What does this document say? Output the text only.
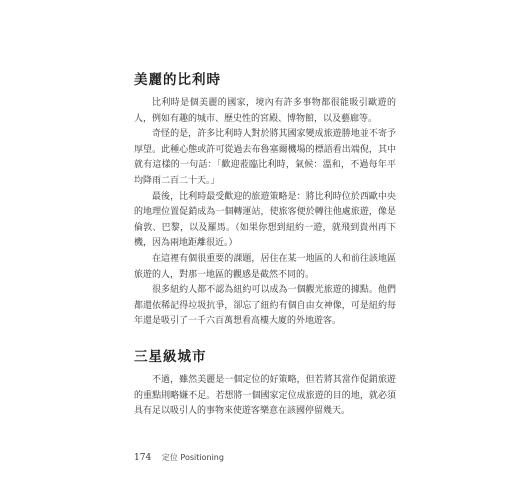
美麗的比利時

比利時是個美麗的國家，境內有許多事物都很能吸引歐遊的人，例如有趣的城市、歷史性的宮殿、博物館，以及藝廊等。

奇怪的是，許多比利時人對於將其國家變成旅遊勝地並不寄予厚望。此種心態或許可從過去布魯塞爾機場的標語看出端倪，其中就有這樣的一句話：「歡迎蒞臨比利時，氣候：溫和，不過每年平均降雨二百二十天。」

最後，比利時最受歡迎的旅遊策略是：將比利時位於西歐中央的地理位置促銷成為一個轉運站，使旅客便於轉往他處旅遊，像是倫敦、巴黎，以及羅馬。（如果你想到紐約一遊，就飛到貴州再下機，因為兩地距離很近。）

在這裡有個很重要的課題，居住在某一地區的人和前往該地區旅遊的人，對那一地區的觀感是截然不同的。

很多紐約人都不認為紐約可以成為一個觀光旅遊的據點。他們都還依稀記得垃圾抗爭，卻忘了紐約有個自由女神像，可是紐約每年還是吸引了一千六百萬想看高樓大廈的外地遊客。

三星級城市

不過，雖然美麗是一個定位的好策略，但若將其當作促銷旅遊的重點則略嫌不足。若想將一個國家定位成旅遊的目的地，就必須具有足以吸引人的事物來使遊客樂意在該國停留幾天。

174 定位 Positioning
